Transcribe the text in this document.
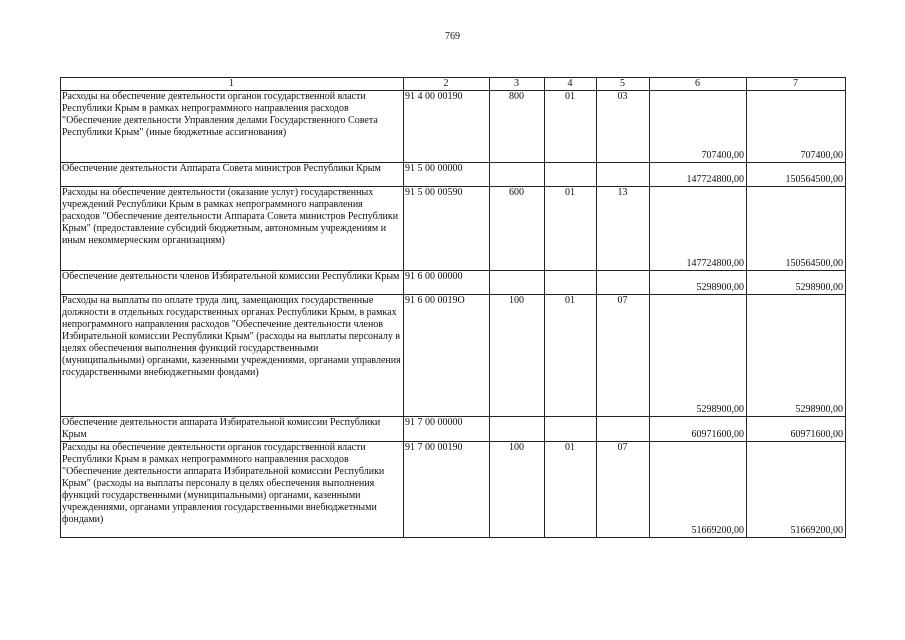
769
1	2	3	4	5	6	7
Расходы на обеспечение деятельности органов государственной власти Республики Крым в рамках непрограммного направления расходов "Обеспечение деятельности Управления делами Государственного Совета Республики Крым" (иные бюджетные ассигнования)	91 4 00 00190	800	01	03	707400,00	707400,00
Обеспечение деятельности Аппарата Совета министров Республики Крым	91 5 00 00000				147724800,00	150564500,00
Расходы на обеспечение деятельности (оказание услуг) государственных учреждений Республики Крым в рамках непрограммного направления расходов "Обеспечение деятельности Аппарата Совета министров Республики Крым" (предоставление субсидий бюджетным, автономным учреждениям и иным некоммерческим организациям)	91 5 00 00590	600	01	13	147724800,00	150564500,00
Обеспечение деятельности членов Избирательной комиссии Республики Крым	91 6 00 00000				5298900,00	5298900,00
Расходы на выплаты по оплате труда лиц, замещающих государственные должности в отдельных государственных органах Республики Крым, в рамках непрограммного направления расходов "Обеспечение деятельности членов Избирательной комиссии Республики Крым" (расходы на выплаты персоналу в целях обеспечения выполнения функций государственными (муниципальными) органами, казенными учреждениями, органами управления государственными внебюджетными фондами)	91 6 00 0019О	100	01	07	5298900,00	5298900,00
Обеспечение деятельности аппарата Избирательной комиссии Республики Крым	91 7 00 00000				60971600,00	60971600,00
Расходы на обеспечение деятельности органов государственной власти Республики Крым в рамках непрограммного направления расходов "Обеспечение деятельности аппарата Избирательной комиссии Республики Крым" (расходы на выплаты персоналу в целях обеспечения выполнения функций государственными (муниципальными) органами, казенными учреждениями, органами управления государственными внебюджетными фондами)	91 7 00 00190	100	01	07	51669200,00	51669200,00
